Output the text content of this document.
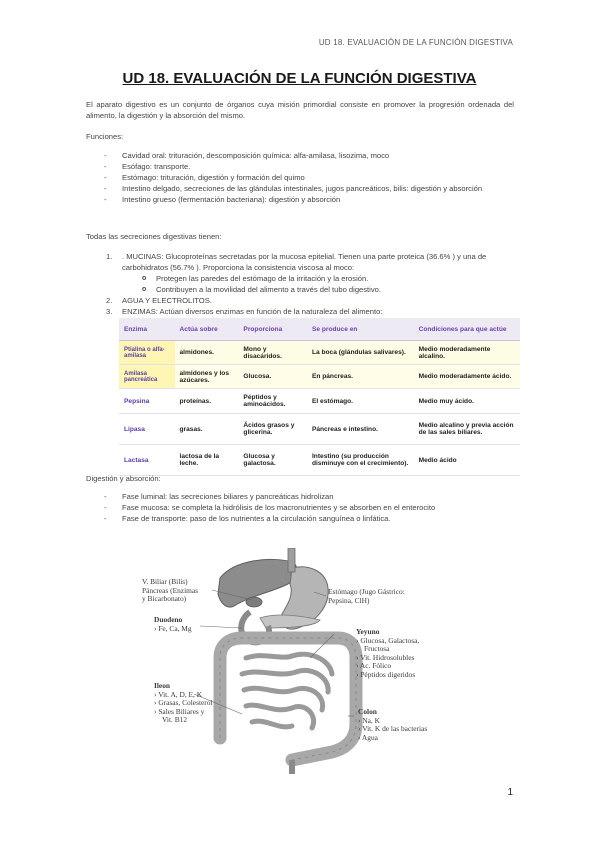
UD 18. EVALUACIÓN DE LA FUNCIÓN DIGESTIVA
UD 18. EVALUACIÓN DE LA FUNCIÓN DIGESTIVA
El aparato digestivo es un conjunto de órganos cuya misión primordial consiste en promover la progresión ordenada del alimento, la digestión y la absorción del mismo.
Funciones:
- Cavidad oral: trituración, descomposición química: alfa-amilasa, lisozima, moco
- Esófago: transporte.
- Estómago: trituración, digestión y formación del quimo
- Intestino delgado, secreciones de las glándulas intestinales, jugos pancreáticos, bilis: digestión y absorción
- Intestino grueso (fermentación bacteriana): digestión y absorción
Todas las secreciones digestivas tienen:
1. . MUCINAS: Glucoproteínas secretadas por la mucosa epitelial. Tienen una parte proteica (36.6% ) y una de carbohidratos (56.7% ). Proporciona la consistencia viscosa al moco:
o Protegen las paredes del estómago de la irritación y la erosión.
o Contribuyen a la movilidad del alimento a través del tubo digestivo.
2. AGUA Y ELECTROLITOS.
3. ENZIMAS: Actúan diversos enzimas en función de la naturaleza del alimento:
Enzima	Actúa sobre	Proporciona	Se produce en	Condiciones para que actúe
Ptialina o alfa-amilasa	almidones.	Mono y disacáridos.	La boca (glándulas salivares).	Medio moderadamente alcalino.
Amilasa pancreática	almidones y los azúcares.	Glucosa.	En páncreas.	Medio moderadamente ácido.
Pepsina	proteínas.	Péptidos y aminoácidos.	El estómago.	Medio muy ácido.
Lipasa	grasas.	Ácidos grasos y glicerina.	Páncreas e intestino.	Medio alcalino y previa acción de las sales biliares.
Lactasa	lactosa de la leche.	Glucosa y galactosa.	Intestino (su producción disminuye con el crecimiento).	Medio ácido
Digestión y absorción:
- Fase luminal: las secreciones biliares y pancreáticas hidrolizan
- Fase mucosa: se completa la hidrólisis de los macronutrientes y se absorben en el enterocito
- Fase de transporte: paso de los nutrientes a la circulación sanguínea o linfática.
V. Biliar (Bilis)
Páncreas (Enzimas
y Bicarbonato)
Estómago (Jugo Gástrico:
Pepsina, ClH)
Duodeno
› Fe, Ca, Mg	Yeyuno
› Glucosa, Galactosa,
Fructosa
› Vit. Hidrosolubles
› Ac. Fólico
› Péptidos digeridos
Ileon
› Vit. A, D, E, K
› Grasas, Colesterol
› Sales Biliares y
Vit. B12
Colon
› Na, K
› Vit. K de las bacterias
› Agua
1
